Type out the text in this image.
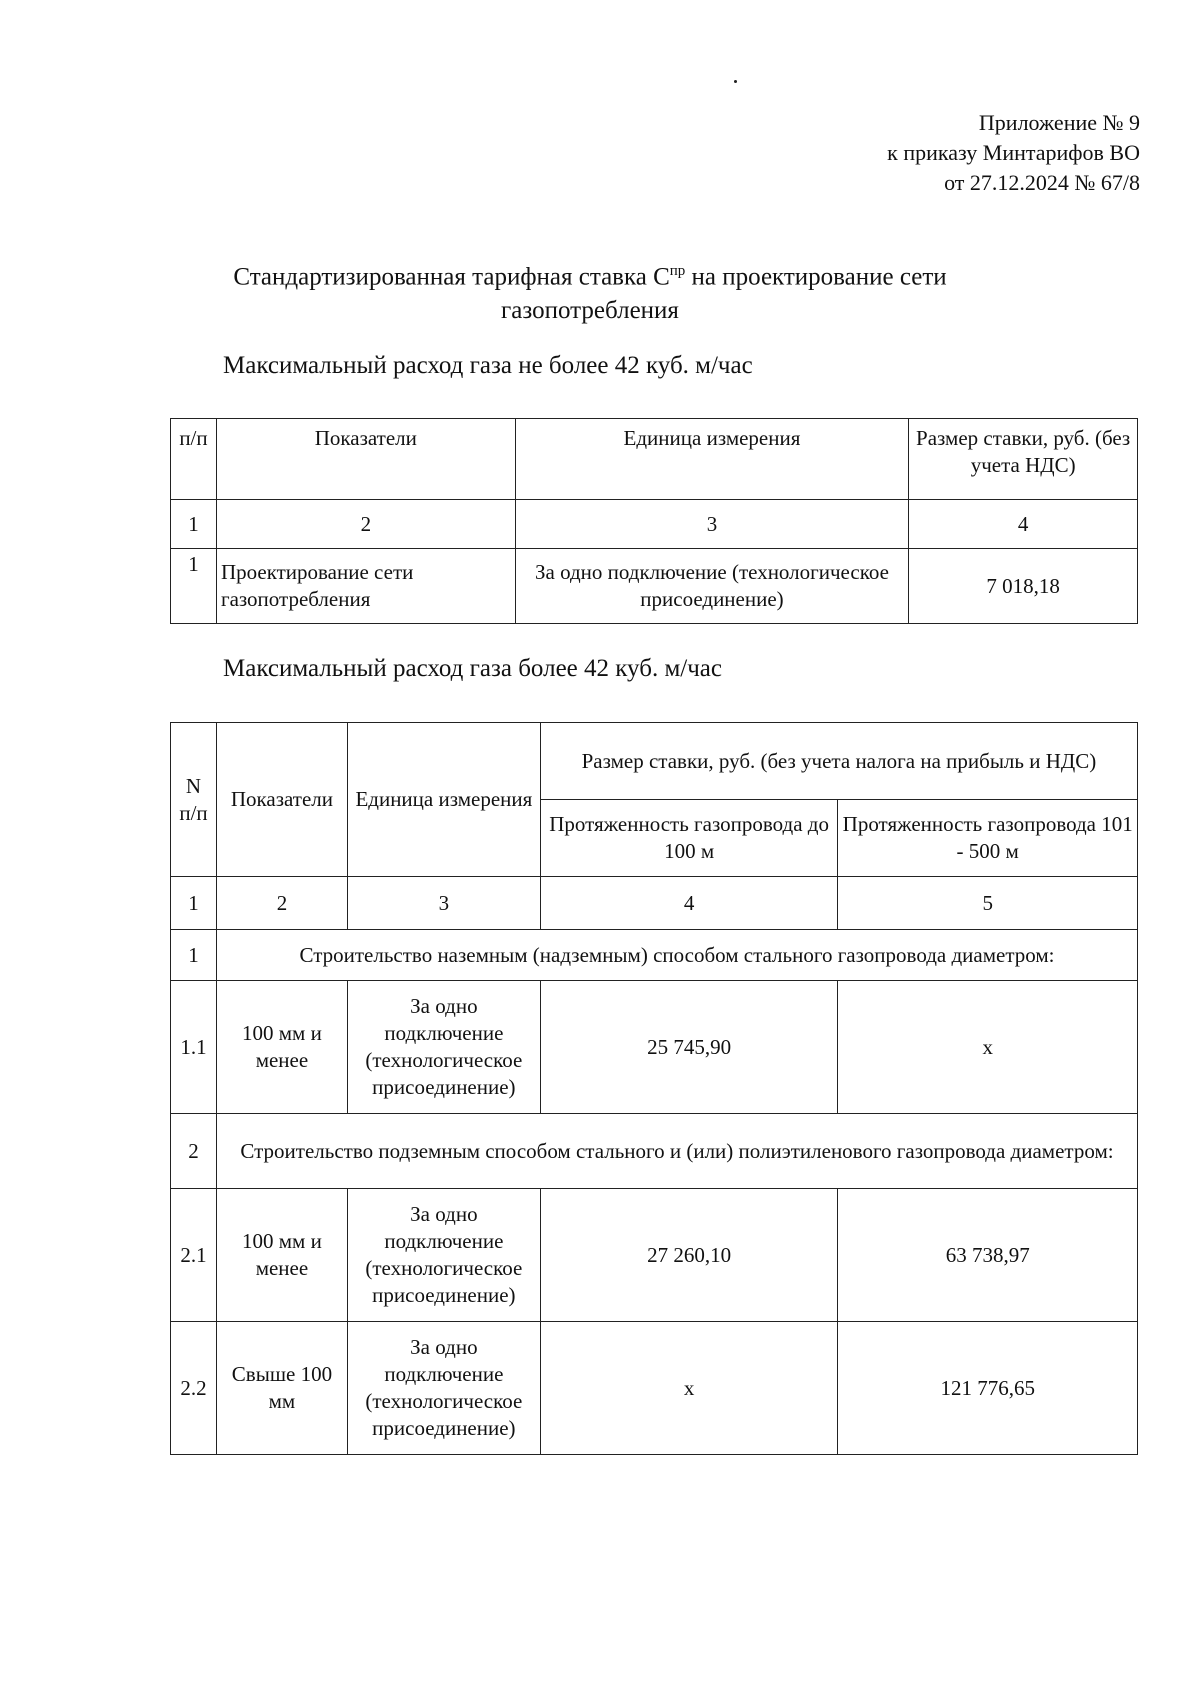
Приложение № 9
к приказу Минтарифов ВО
от 27.12.2024 № 67/8
Стандартизированная тарифная ставка $C^{пр}$ на проектирование сети газопотребления
Максимальный расход газа не более 42 куб. м/час
п/п	Показатели	Единица измерения	Размер ставки, руб. (без учета НДС)
1	2	3	4
1	Проектирование сети газопотребления	За одно подключение (технологическое присоединение)	7 018,18
Максимальный расход газа более 42 куб. м/час
N п/п	Показатели	Единица измерения	Размер ставки, руб. (без учета налога на прибыль и НДС)	
			Протяженность газопровода до 100 м	Протяженность газопровода 101 - 500 м
1	2	3	4	5
1	Строительство наземным (надземным) способом стального газопровода диаметром:			
1.1	100 мм и менее	За одно подключение (технологическое присоединение)	25 745,90	x
2	Строительство подземным способом стального и (или) полиэтиленового газопровода диаметром:			
2.1	100 мм и менее	За одно подключение (технологическое присоединение)	27 260,10	63 738,97
2.2	Свыше 100 мм	За одно подключение (технологическое присоединение)	x	121 776,65
